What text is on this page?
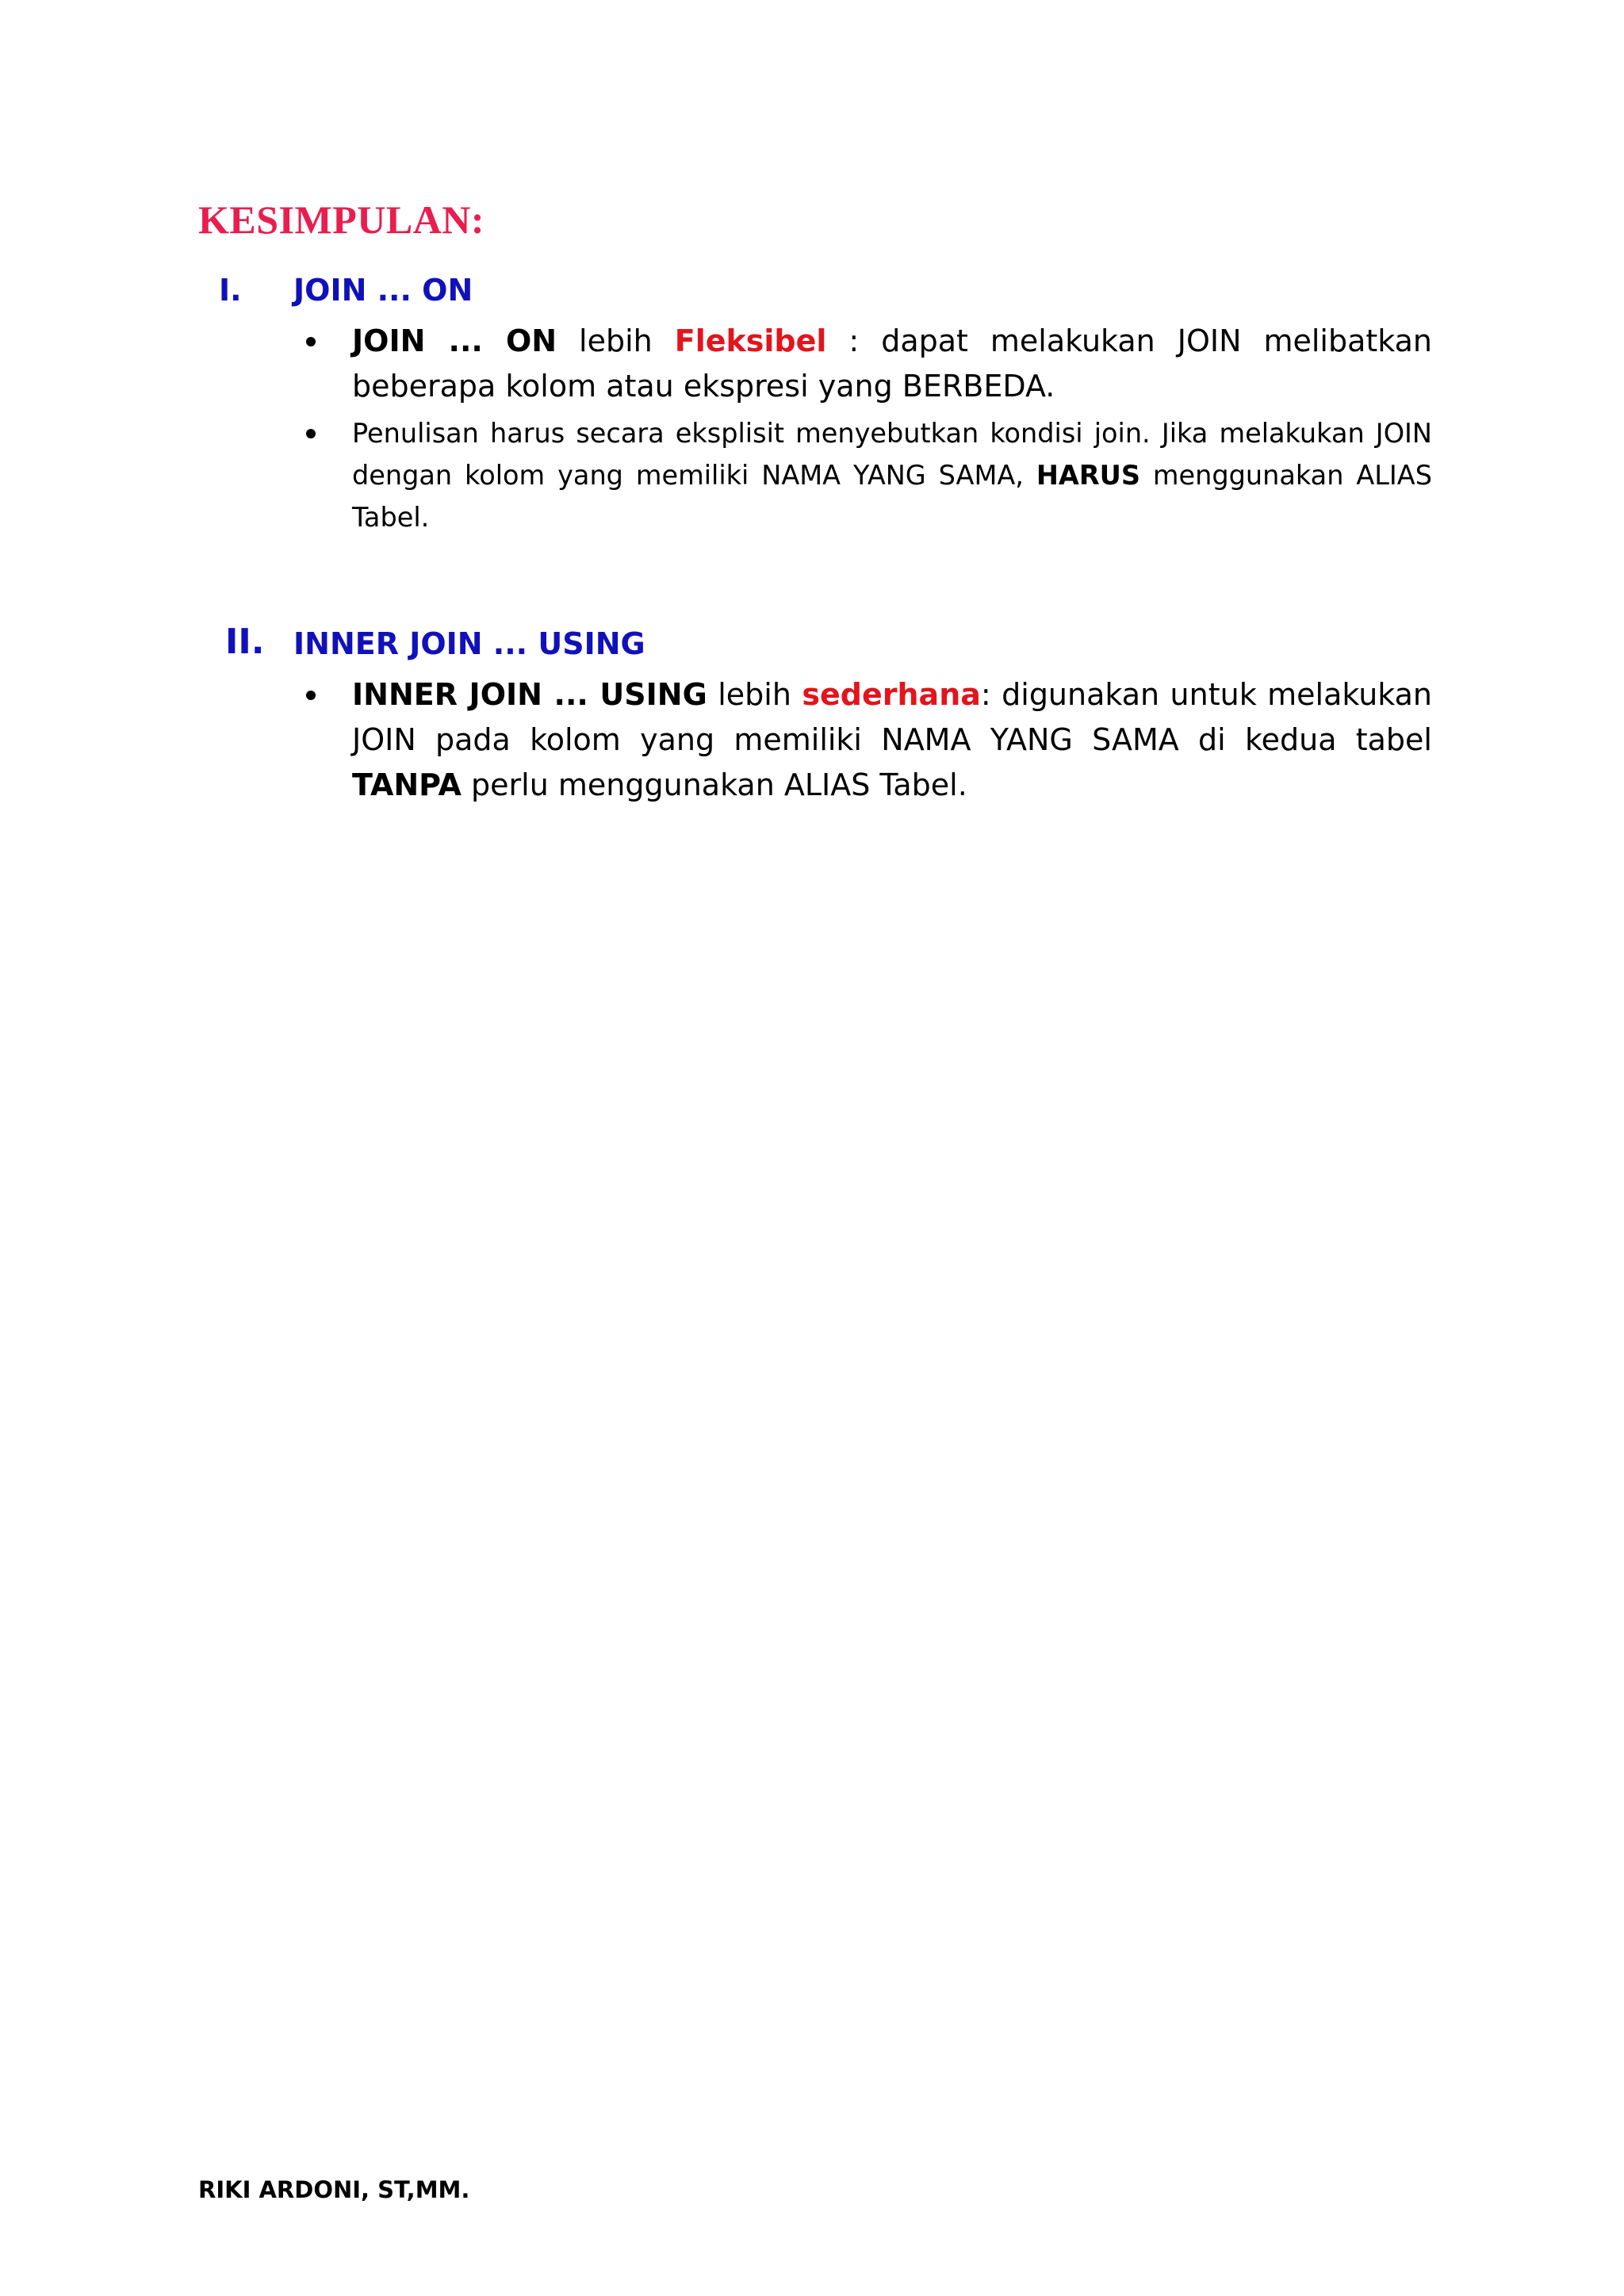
KESIMPULAN:
I. JOIN ... ON
JOIN ... ON lebih Fleksibel : dapat melakukan JOIN melibatkan beberapa kolom atau ekspresi yang BERBEDA.
Penulisan harus secara eksplisit menyebutkan kondisi join. Jika melakukan JOIN dengan kolom yang memiliki NAMA YANG SAMA, HARUS menggunakan ALIAS Tabel.
II. INNER JOIN ... USING
INNER JOIN ... USING lebih sederhana: digunakan untuk melakukan JOIN pada kolom yang memiliki NAMA YANG SAMA di kedua tabel TANPA perlu menggunakan ALIAS Tabel.
RIKI ARDONI, ST,MM.
